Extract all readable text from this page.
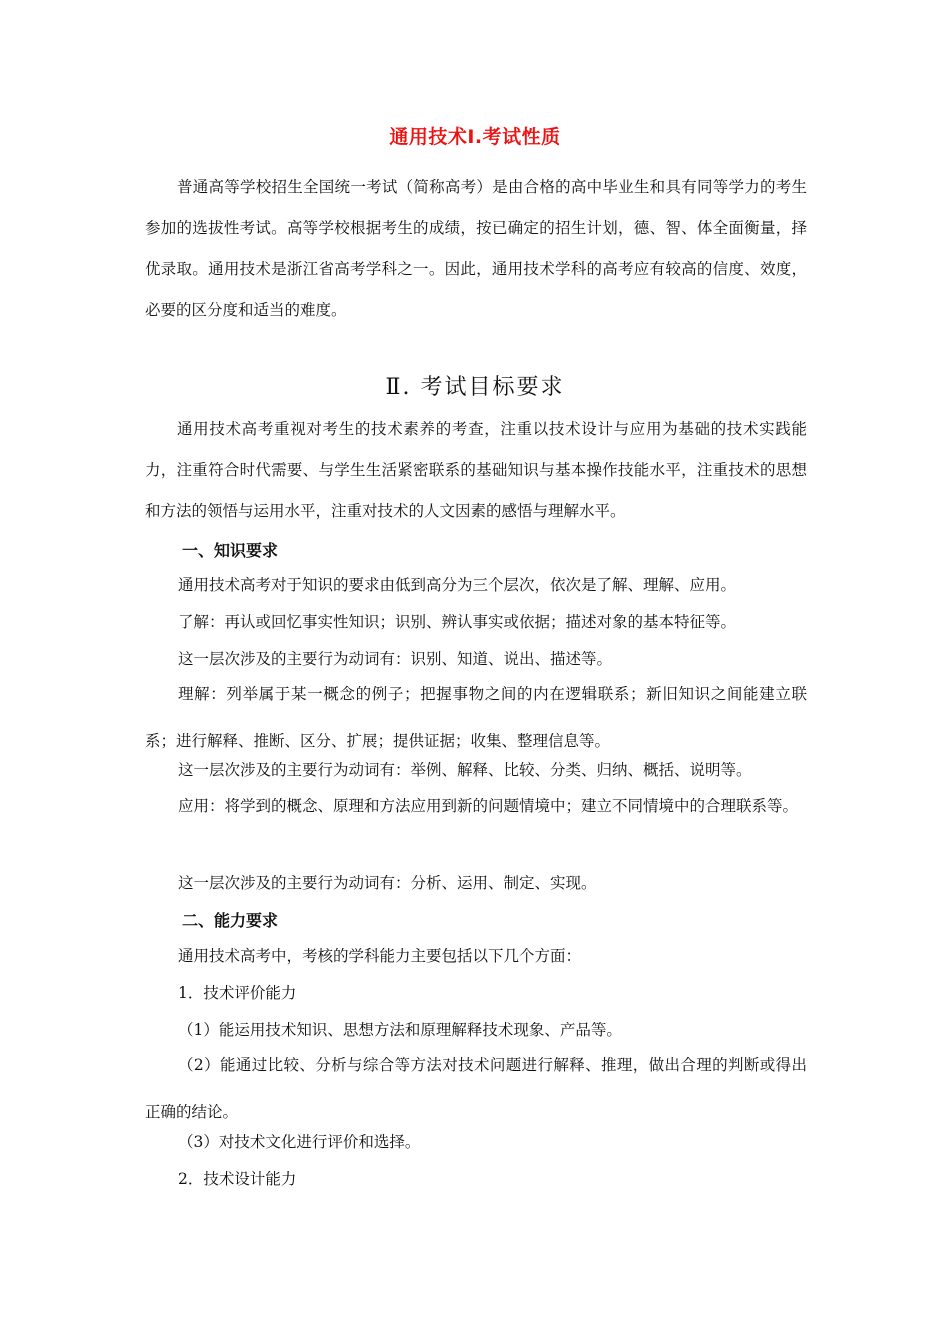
通用技术Ⅰ.考试性质
普通高等学校招生全国统一考试（简称高考）是由合格的高中毕业生和具有同等学力的考生参加的选拔性考试。高等学校根据考生的成绩，按已确定的招生计划，德、智、体全面衡量，择优录取。通用技术是浙江省高考学科之一。因此，通用技术学科的高考应有较高的信度、效度，必要的区分度和适当的难度。
Ⅱ. 考试目标要求
通用技术高考重视对考生的技术素养的考查，注重以技术设计与应用为基础的技术实践能力，注重符合时代需要、与学生生活紧密联系的基础知识与基本操作技能水平，注重技术的思想和方法的领悟与运用水平，注重对技术的人文因素的感悟与理解水平。
一、知识要求
通用技术高考对于知识的要求由低到高分为三个层次，依次是了解、理解、应用。
了解：再认或回忆事实性知识；识别、辨认事实或依据；描述对象的基本特征等。
这一层次涉及的主要行为动词有：识别、知道、说出、描述等。
理解：列举属于某一概念的例子；把握事物之间的内在逻辑联系；新旧知识之间能建立联系；进行解释、推断、区分、扩展；提供证据；收集、整理信息等。
这一层次涉及的主要行为动词有：举例、解释、比较、分类、归纳、概括、说明等。
应用：将学到的概念、原理和方法应用到新的问题情境中；建立不同情境中的合理联系等。
这一层次涉及的主要行为动词有：分析、运用、制定、实现。
二、能力要求
通用技术高考中，考核的学科能力主要包括以下几个方面：
1．技术评价能力
（1）能运用技术知识、思想方法和原理解释技术现象、产品等。
（2）能通过比较、分析与综合等方法对技术问题进行解释、推理，做出合理的判断或得出正确的结论。
（3）对技术文化进行评价和选择。
2．技术设计能力
